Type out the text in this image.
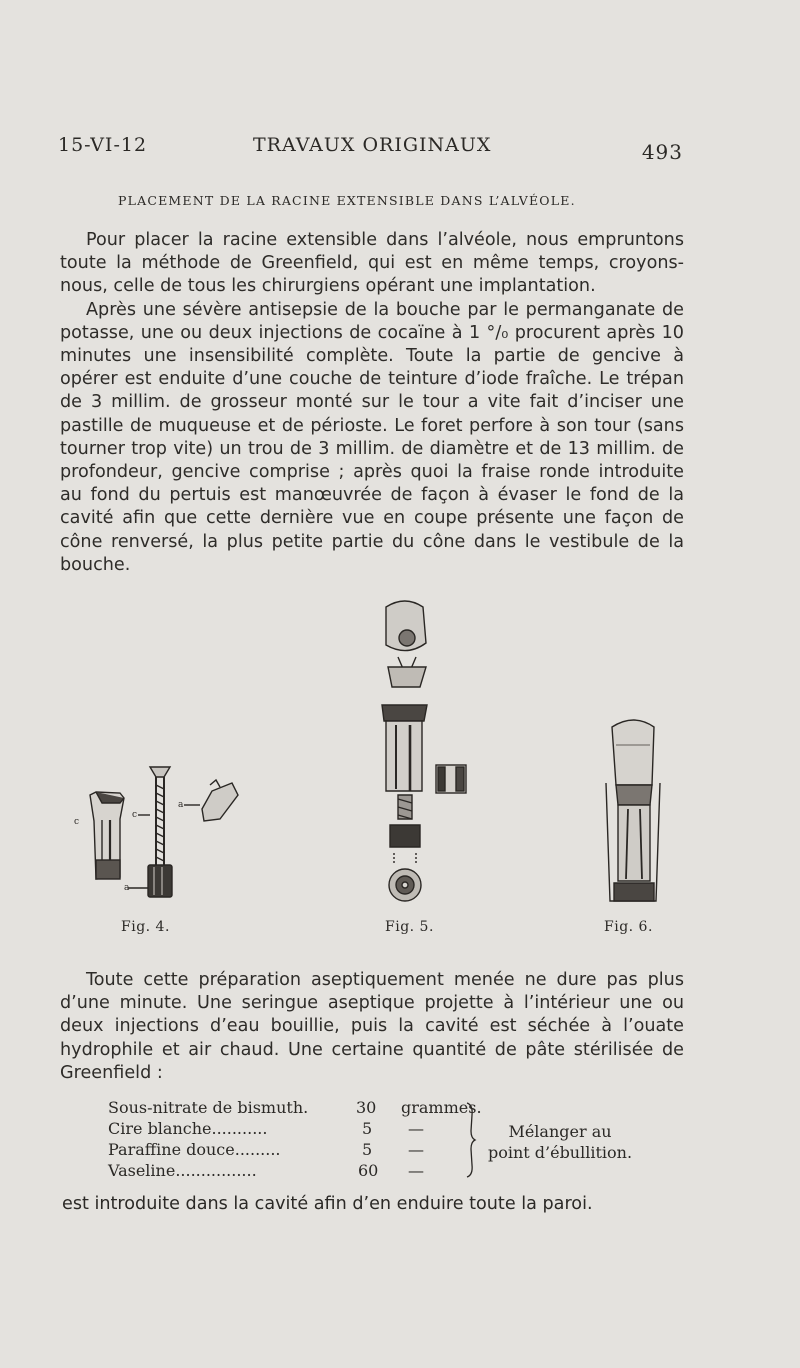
15-VI-12	TRAVAUX ORIGINAUX	493
PLACEMENT DE LA RACINE EXTENSIBLE DANS L’ALVÉOLE.

Pour placer la racine extensible dans l’alvéole, nous empruntons toute la méthode de Greenfield, qui est en même temps, croyons-nous, celle de tous les chirurgiens opérant une implantation.

Après une sévère antisepsie de la bouche par le permanganate de potasse, une ou deux injections de cocaïne à 1 °/₀ procurent après 10 minutes une insensibilité complète. Toute la partie de gencive à opérer est enduite d’une couche de teinture d’iode fraîche. Le trépan de 3 millim. de grosseur monté sur le tour a vite fait d’inciser une pastille de muqueuse et de périoste. Le foret perfore à son tour (sans tourner trop vite) un trou de 3 millim. de diamètre et de 13 millim. de profondeur, gencive comprise ; après quoi la fraise ronde introduite au fond du pertuis est manœuvrée de façon à évaser le fond de la cavité afin que cette dernière vue en coupe présente une façon de cône renversé, la plus petite partie du cône dans le vestibule de la bouche.

c
c
a
a
Fig. 4.	Fig. 5.	Fig. 6.

Toute cette préparation aseptiquement menée ne dure pas plus d’une minute. Une seringue aseptique projette à l’intérieur une ou deux injections d’eau bouillie, puis la cavité est séchée à l’ouate hydrophile et air chaud. Une certaine quantité de pâte stérilisée de Greenfield :

Sous-nitrate de bismuth.	30 grammes.
Cire blanche...........	5 —
Paraffine douce.........	5 —
Vaseline................	60 —
Mélanger au
point d’ébullition.
est introduite dans la cavité afin d’en enduire toute la paroi.
